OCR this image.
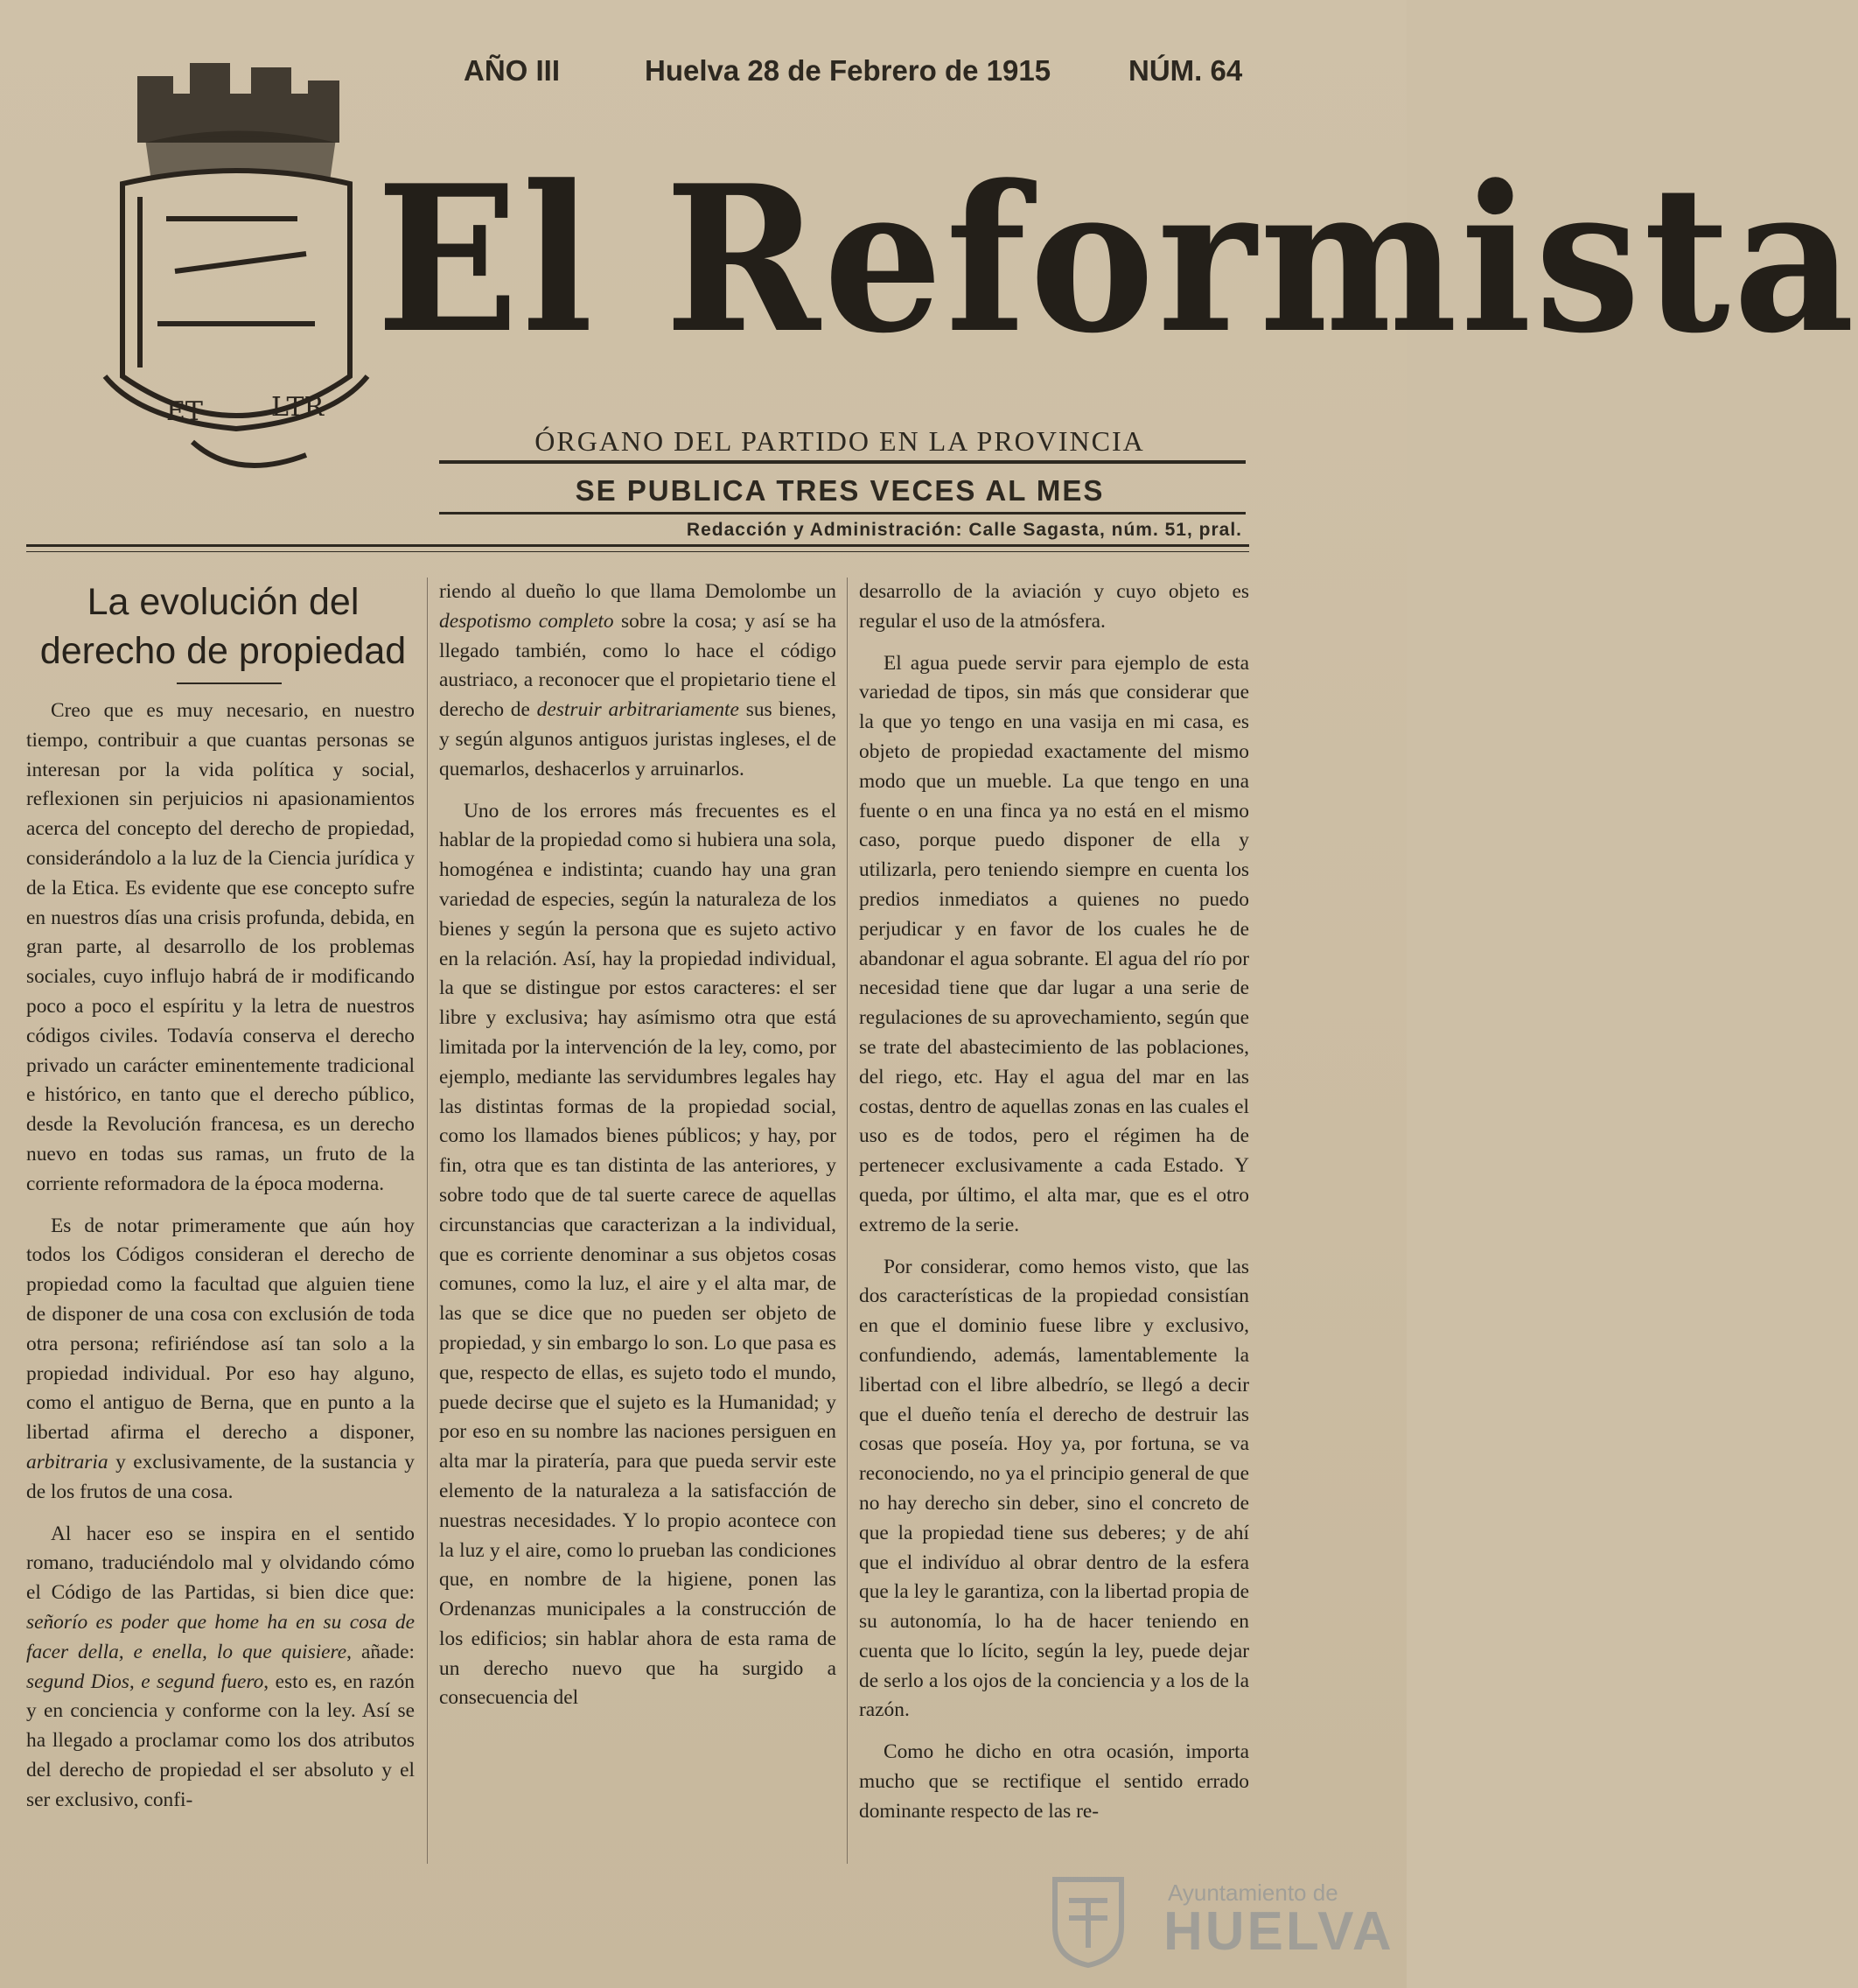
AÑO III	Huelva 28 de Febrero de 1915	NÚM. 64
ET	LTR
El Reformista
ÓRGANO DEL PARTIDO EN LA PROVINCIA
SE PUBLICA TRES VECES AL MES
Redacción y Administración: Calle Sagasta, núm. 51, pral.
La evolución del derecho de propiedad

Creo que es muy necesario, en nuestro tiempo, contribuir a que cuantas personas se interesan por la vida política y social, reflexionen sin perjuicios ni apasionamientos acerca del concepto del derecho de propiedad, considerándolo a la luz de la Ciencia jurídica y de la Etica. Es evidente que ese concepto sufre en nuestros días una crisis profunda, debida, en gran parte, al desarrollo de los problemas sociales, cuyo influjo habrá de ir modificando poco a poco el espíritu y la letra de nuestros códigos civiles. Todavía conserva el derecho privado un carácter eminentemente tradicional e histórico, en tanto que el derecho público, desde la Revolución francesa, es un derecho nuevo en todas sus ramas, un fruto de la corriente reformadora de la época moderna.

Es de notar primeramente que aún hoy todos los Códigos consideran el derecho de propiedad como la facultad que alguien tiene de disponer de una cosa con exclusión de toda otra persona; refiriéndose así tan solo a la propiedad individual. Por eso hay alguno, como el antiguo de Berna, que en punto a la libertad afirma el derecho a disponer, arbitraria y exclusivamente, de la sustancia y de los frutos de una cosa.

Al hacer eso se inspira en el sentido romano, traduciéndolo mal y olvidando cómo el Código de las Partidas, si bien dice que: señorío es poder que home ha en su cosa de facer della, e enella, lo que quisiere, añade: segund Dios, e segund fuero, esto es, en razón y en conciencia y conforme con la ley. Así se ha llegado a proclamar como los dos atributos del derecho de propiedad el ser absoluto y el ser exclusivo, confi-

riendo al dueño lo que llama Demolombe un despotismo completo sobre la cosa; y así se ha llegado también, como lo hace el código austriaco, a reconocer que el propietario tiene el derecho de destruir arbitrariamente sus bienes, y según algunos antiguos juristas ingleses, el de quemarlos, deshacerlos y arruinarlos.

Uno de los errores más frecuentes es el hablar de la propiedad como si hubiera una sola, homogénea e indistinta; cuando hay una gran variedad de especies, según la naturaleza de los bienes y según la persona que es sujeto activo en la relación. Así, hay la propiedad individual, la que se distingue por estos caracteres: el ser libre y exclusiva; hay asímismo otra que está limitada por la intervención de la ley, como, por ejemplo, mediante las servidumbres legales hay las distintas formas de la propiedad social, como los llamados bienes públicos; y hay, por fin, otra que es tan distinta de las anteriores, y sobre todo que de tal suerte carece de aquellas circunstancias que caracterizan a la individual, que es corriente denominar a sus objetos cosas comunes, como la luz, el aire y el alta mar, de las que se dice que no pueden ser objeto de propiedad, y sin embargo lo son. Lo que pasa es que, respecto de ellas, es sujeto todo el mundo, puede decirse que el sujeto es la Humanidad; y por eso en su nombre las naciones persiguen en alta mar la piratería, para que pueda servir este elemento de la naturaleza a la satisfacción de nuestras necesidades. Y lo propio acontece con la luz y el aire, como lo prueban las condiciones que, en nombre de la higiene, ponen las Ordenanzas municipales a la construcción de los edificios; sin hablar ahora de esta rama de un derecho nuevo que ha surgido a consecuencia del

desarrollo de la aviación y cuyo objeto es regular el uso de la atmósfera.

El agua puede servir para ejemplo de esta variedad de tipos, sin más que considerar que la que yo tengo en una vasija en mi casa, es objeto de propiedad exactamente del mismo modo que un mueble. La que tengo en una fuente o en una finca ya no está en el mismo caso, porque puedo disponer de ella y utilizarla, pero teniendo siempre en cuenta los predios inmediatos a quienes no puedo perjudicar y en favor de los cuales he de abandonar el agua sobrante. El agua del río por necesidad tiene que dar lugar a una serie de regulaciones de su aprovechamiento, según que se trate del abastecimiento de las poblaciones, del riego, etc. Hay el agua del mar en las costas, dentro de aquellas zonas en las cuales el uso es de todos, pero el régimen ha de pertenecer exclusivamente a cada Estado. Y queda, por último, el alta mar, que es el otro extremo de la serie.

Por considerar, como hemos visto, que las dos características de la propiedad consistían en que el dominio fuese libre y exclusivo, confundiendo, además, lamentablemente la libertad con el libre albedrío, se llegó a decir que el dueño tenía el derecho de destruir las cosas que poseía. Hoy ya, por fortuna, se va reconociendo, no ya el principio general de que no hay derecho sin deber, sino el concreto de que la propiedad tiene sus deberes; y de ahí que el indivíduo al obrar dentro de la esfera que la ley le garantiza, con la libertad propia de su autonomía, lo ha de hacer teniendo en cuenta que lo lícito, según la ley, puede dejar de serlo a los ojos de la conciencia y a los de la razón.

Como he dicho en otra ocasión, importa mucho que se rectifique el sentido errado dominante respecto de las re-

Ayuntamiento de
HUELVA
